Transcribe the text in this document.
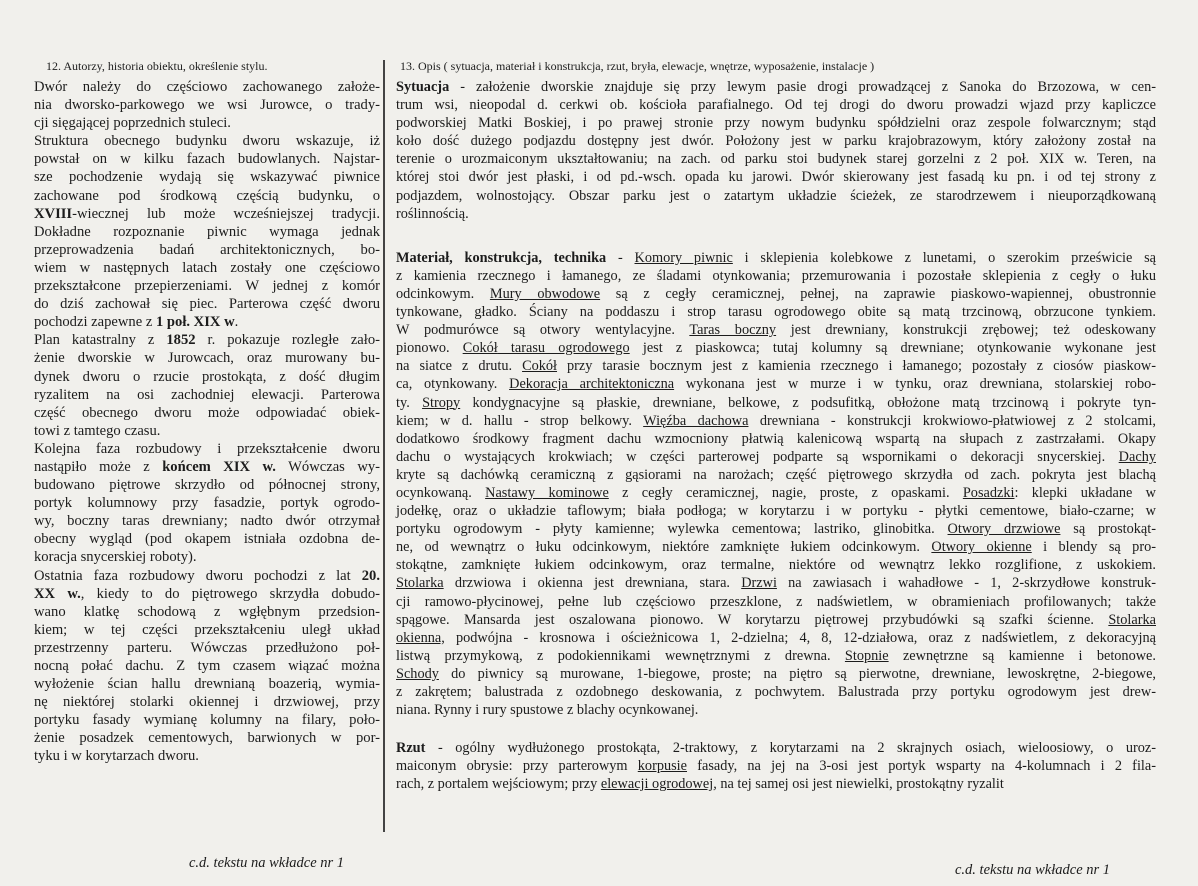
12. Autorzy, historia obiektu, określenie stylu.
Dwór należy do częściowo zachowanego założe-
nia dworsko-parkowego we wsi Jurowce, o trady-
cji sięgającej poprzednich stuleci.
Struktura obecnego budynku dworu wskazuje, iż
powstał on w kilku fazach budowlanych. Najstar-
sze pochodzenie wydają się wskazywać piwnice
zachowane pod środkową częścią budynku, o
XVIII-wiecznej lub może wcześniejszej tradycji.
Dokładne rozpoznanie piwnic wymaga jednak
przeprowadzenia badań architektonicznych, bo-
wiem w następnych latach zostały one częściowo
przekształcone przepierzeniami. W jednej z komór
do dziś zachował się piec. Parterowa część dworu
pochodzi zapewne z 1 poł. XIX w.
Plan katastralny z 1852 r. pokazuje rozległe zało-
żenie dworskie w Jurowcach, oraz murowany bu-
dynek dworu o rzucie prostokąta, z dość długim
ryzalitem na osi zachodniej elewacji. Parterowa
część obecnego dworu może odpowiadać obiek-
towi z tamtego czasu.
Kolejna faza rozbudowy i przekształcenie dworu
nastąpiło może z końcem XIX w. Wówczas wy-
budowano piętrowe skrzydło od północnej strony,
portyk kolumnowy przy fasadzie, portyk ogrodo-
wy, boczny taras drewniany; nadto dwór otrzymał
obecny wygląd (pod okapem istniała ozdobna de-
koracja snycerskiej roboty).
Ostatnia faza rozbudowy dworu pochodzi z lat 20.
XX w., kiedy to do piętrowego skrzydła dobudo-
wano klatkę schodową z wgłębnym przedsion-
kiem; w tej części przekształceniu uległ układ
przestrzenny parteru. Wówczas przedłużono poł-
nocną połać dachu. Z tym czasem wiązać można
wyłożenie ścian hallu drewnianą boazerią, wymia-
nę niektórej stolarki okiennej i drzwiowej, przy
portyku fasady wymianę kolumny na filary, poło-
żenie posadzek cementowych, barwionych w por-
tyku i w korytarzach dworu.
13. Opis ( sytuacja, materiał i konstrukcja, rzut, bryła, elewacje, wnętrze, wyposażenie, instalacje )
Sytuacja - założenie dworskie znajduje się przy lewym pasie drogi prowadzącej z Sanoka do Brzozowa, w cen-
trum wsi, nieopodal d. cerkwi ob. kościoła parafialnego. Od tej drogi do dworu prowadzi wjazd przy kapliczce
podworskiej Matki Boskiej, i po prawej stronie przy nowym budynku spółdzielni oraz zespole folwarcznym; stąd
koło dość dużego podjazdu dostępny jest dwór. Położony jest w parku krajobrazowym, który założony został na
terenie o urozmaiconym ukształtowaniu; na zach. od parku stoi budynek starej gorzelni z 2 poł. XIX w. Teren, na
której stoi dwór jest płaski, i od pd.-wsch. opada ku jarowi. Dwór skierowany jest fasadą ku pn. i od tej strony z
podjazdem, wolnostojący. Obszar parku jest o zatartym układzie ścieżek, ze starodrzewem i nieuporządkowaną
roślinnością.
Materiał, konstrukcja, technika - Komory piwnic i sklepienia kolebkowe z lunetami, o szerokim prześwicie są
z kamienia rzecznego i łamanego, ze śladami otynkowania; przemurowania i pozostałe sklepienia z cegły o łuku
odcinkowym. Mury obwodowe są z cegły ceramicznej, pełnej, na zaprawie piaskowo-wapiennej, obustronnie
tynkowane, gładko. Ściany na poddaszu i strop tarasu ogrodowego obite są matą trzcinową, obrzucone tynkiem.
W podmurówce są otwory wentylacyjne. Taras boczny jest drewniany, konstrukcji zrębowej; też odeskowany
pionowo. Cokół tarasu ogrodowego jest z piaskowca; tutaj kolumny są drewniane; otynkowanie wykonane jest
na siatce z drutu. Cokół przy tarasie bocznym jest z kamienia rzecznego i łamanego; pozostały z ciosów piaskow-
ca, otynkowany. Dekoracja architektoniczna wykonana jest w murze i w tynku, oraz drewniana, stolarskiej robo-
ty. Stropy kondygnacyjne są płaskie, drewniane, belkowe, z podsufitką, obłożone matą trzcinową i pokryte tyn-
kiem; w d. hallu - strop belkowy. Więźba dachowa drewniana - konstrukcji krokwiowo-płatwiowej z 2 stolcami,
dodatkowo środkowy fragment dachu wzmocniony płatwią kalenicową wspartą na słupach z zastrzałami. Okapy
dachu o wystających krokwiach; w części parterowej podparte są wspornikami o dekoracji snycerskiej. Dachy
kryte są dachówką ceramiczną z gąsiorami na narożach; część piętrowego skrzydła od zach. pokryta jest blachą
ocynkowaną. Nastawy kominowe z cegły ceramicznej, nagie, proste, z opaskami. Posadzki: klepki układane w
jodełkę, oraz o układzie taflowym; biała podłoga; w korytarzu i w portyku - płytki cementowe, biało-czarne; w
portyku ogrodowym - płyty kamienne; wylewka cementowa; lastriko, glinobitka. Otwory drzwiowe są prostokąt-
ne, od wewnątrz o łuku odcinkowym, niektóre zamknięte łukiem odcinkowym. Otwory okienne i blendy są pro-
stokątne, zamknięte łukiem odcinkowym, oraz termalne, niektóre od wewnątrz lekko rozglifione, z uskokiem.
Stolarka drzwiowa i okienna jest drewniana, stara. Drzwi na zawiasach i wahadłowe - 1, 2-skrzydłowe konstruk-
cji ramowo-płycinowej, pełne lub częściowo przeszklone, z nadświetlem, w obramieniach profilowanych; także
spągowe. Mansarda jest oszalowana pionowo. W korytarzu piętrowej przybudówki są szafki ścienne. Stolarka
okienna, podwójna - krosnowa i ościeżnicowa 1, 2-dzielna; 4, 8, 12-działowa, oraz z nadświetlem, z dekoracyjną
listwą przymykową, z podokiennikami wewnętrznymi z drewna. Stopnie zewnętrzne są kamienne i betonowe.
Schody do piwnicy są murowane, 1-biegowe, proste; na piętro są pierwotne, drewniane, lewoskrętne, 2-biegowe,
z zakrętem; balustrada z ozdobnego deskowania, z pochwytem. Balustrada przy portyku ogrodowym jest drew-
niana. Rynny i rury spustowe z blachy ocynkowanej.
Rzut - ogólny wydłużonego prostokąta, 2-traktowy, z korytarzami na 2 skrajnych osiach, wieloosiowy, o uroz-
maiconym obrysie: przy parterowym korpusie fasady, na jej na 3-osi jest portyk wsparty na 4-kolumnach i 2 fila-
rach, z portalem wejściowym; przy elewacji ogrodowej, na tej samej osi jest niewielki, prostokątny ryzalit
c.d. tekstu na wkładce nr 1	c.d. tekstu na wkładce nr 1
